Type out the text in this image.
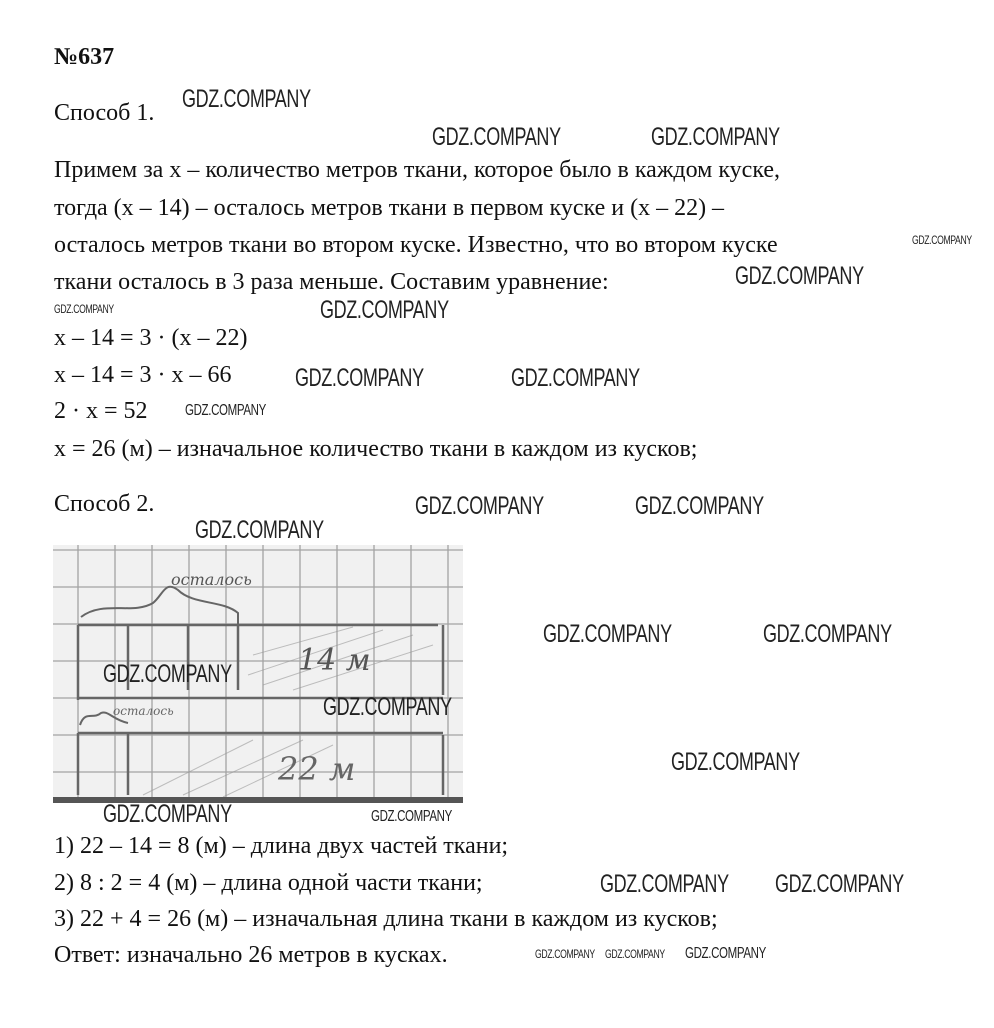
№637
Способ 1.
Примем за x – количество метров ткани, которое было в каждом куске,
тогда (x – 14) – осталось метров ткани в первом куске и (x – 22) –
осталось метров ткани во втором куске. Известно, что во втором куске
ткани осталось в 3 раза меньше. Составим уравнение:
x – 14 = 3 · (x – 22)
x – 14 = 3 · x – 66
2 · x = 52
x = 26 (м) – изначальное количество ткани в каждом из кусков;
Способ 2.
осталось
осталось
14 м
22 м
1) 22 – 14 = 8 (м) – длина двух частей ткани;
2) 8 : 2 = 4 (м) – длина одной части ткани;
3) 22 + 4 = 26 (м) – изначальная длина ткани в каждом из кусков;
Ответ: изначально 26 метров в кусках.
GDZ.COMPANY
GDZ.COMPANY	GDZ.COMPANY
GDZ.COMPANY
GDZ.COMPANY
GDZ.COMPANY
GDZ.COMPANY
GDZ.COMPANY
GDZ.COMPANY	GDZ.COMPANY
GDZ.COMPANY	GDZ.COMPANY
GDZ.COMPANY
GDZ.COMPANY	GDZ.COMPANY
GDZ.COMPANY
GDZ.COMPANY
GDZ.COMPANY
GDZ.COMPANY	GDZ.COMPANY
GDZ.COMPANY GDZ.COMPANY
GDZ.COMPANY GDZ.COMPANY GDZ.COMPANY
